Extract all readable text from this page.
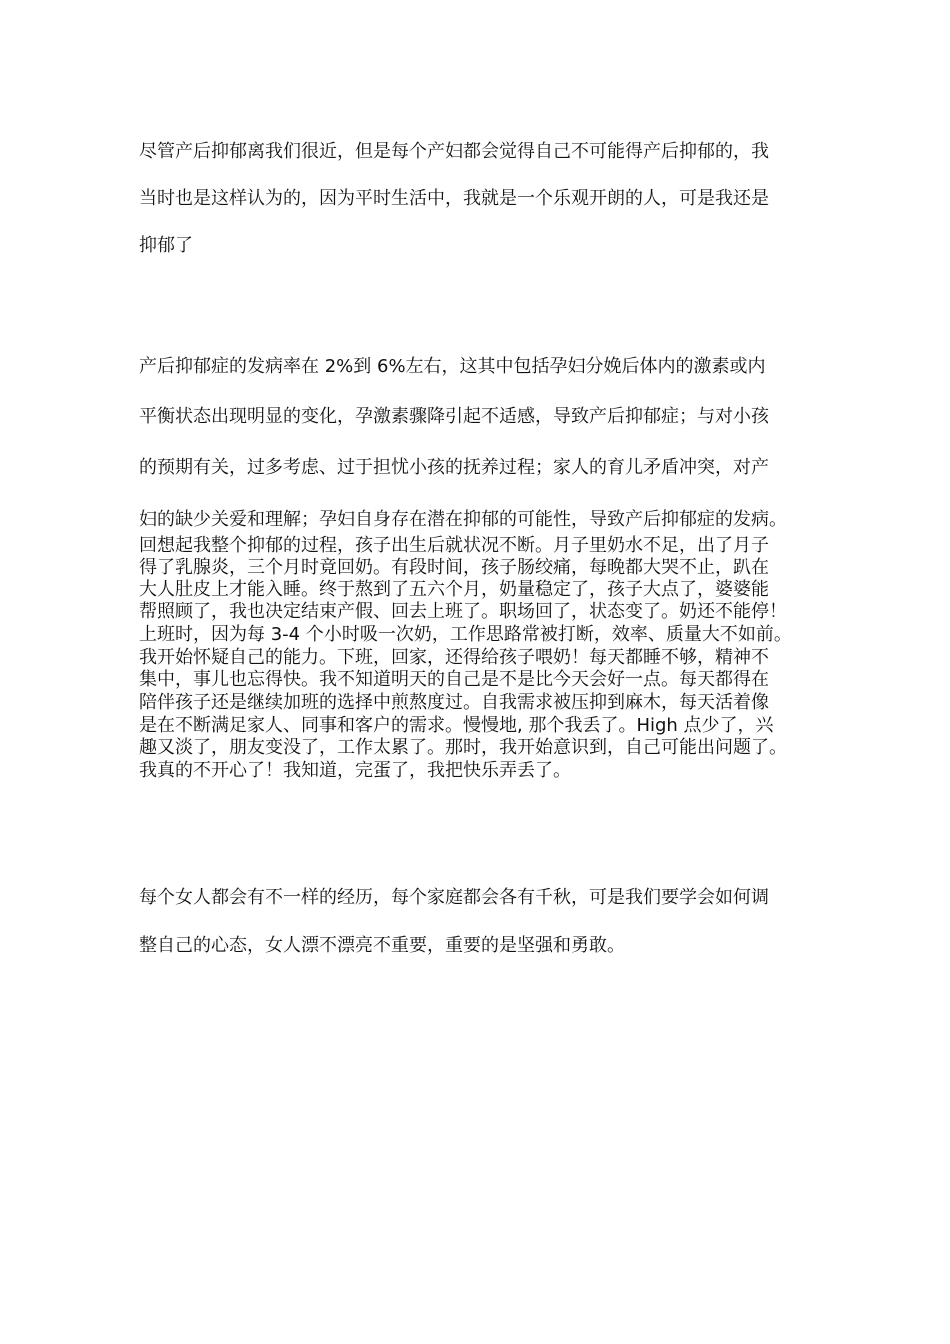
尽管产后抑郁离我们很近，但是每个产妇都会觉得自己不可能得产后抑郁的，我

当时也是这样认为的，因为平时生活中，我就是一个乐观开朗的人，可是我还是

抑郁了

产后抑郁症的发病率在 2%到 6%左右，这其中包括孕妇分娩后体内的激素或内

平衡状态出现明显的变化，孕激素骤降引起不适感，导致产后抑郁症；与对小孩

的预期有关，过多考虑、过于担忧小孩的抚养过程；家人的育儿矛盾冲突，对产

妇的缺少关爱和理解；孕妇自身存在潜在抑郁的可能性，导致产后抑郁症的发病。

回想起我整个抑郁的过程，孩子出生后就状况不断。月子里奶水不足，出了月子

得了乳腺炎，三个月时竟回奶。有段时间，孩子肠绞痛，每晚都大哭不止，趴在

大人肚皮上才能入睡。终于熬到了五六个月，奶量稳定了，孩子大点了，婆婆能

帮照顾了，我也决定结束产假、回去上班了。职场回了，状态变了。奶还不能停！

上班时，因为每 3-4 个小时吸一次奶，工作思路常被打断，效率、质量大不如前。

我开始怀疑自己的能力。下班，回家，还得给孩子喂奶！每天都睡不够，精神不

集中，事儿也忘得快。我不知道明天的自己是不是比今天会好一点。每天都得在

陪伴孩子还是继续加班的选择中煎熬度过。自我需求被压抑到麻木，每天活着像

是在不断满足家人、同事和客户的需求。慢慢地, 那个我丢了。High 点少了，兴

趣又淡了，朋友变没了，工作太累了。那时，我开始意识到，自己可能出问题了。

我真的不开心了！我知道，完蛋了，我把快乐弄丢了。

每个女人都会有不一样的经历，每个家庭都会各有千秋，可是我们要学会如何调

整自己的心态，女人漂不漂亮不重要，重要的是坚强和勇敢。
